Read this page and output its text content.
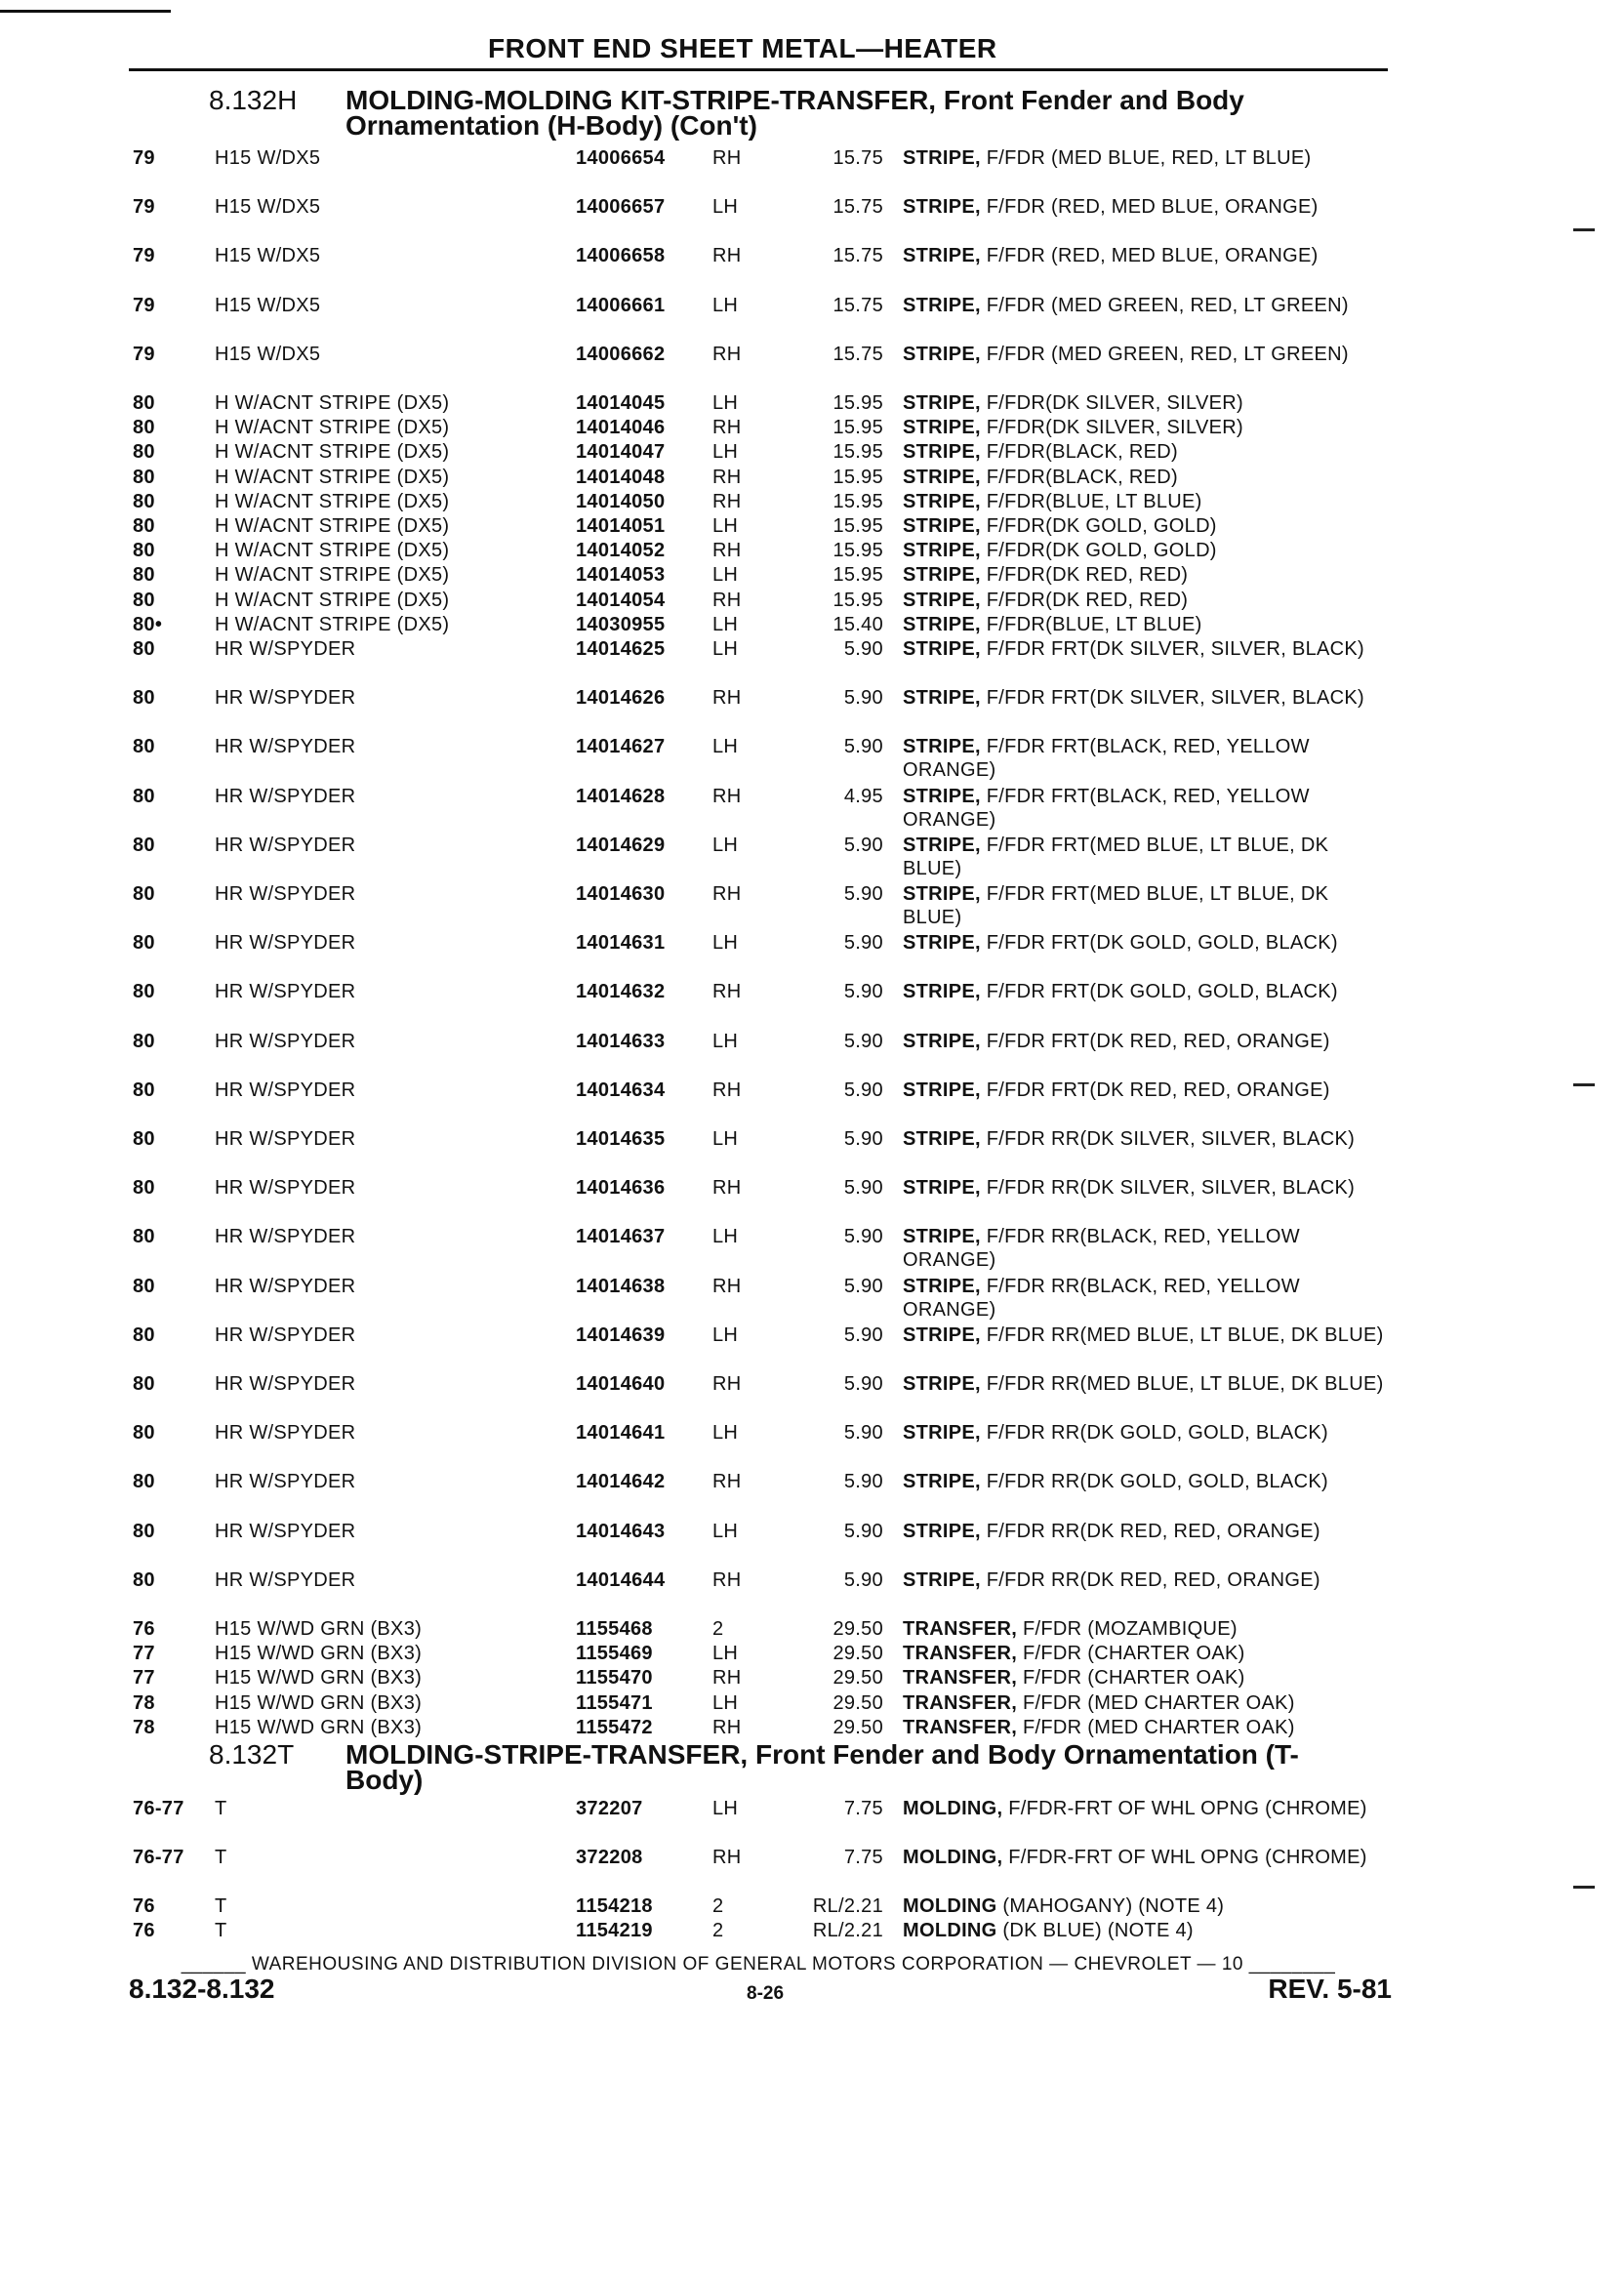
FRONT END SHEET METAL—HEATER
8.132H MOLDING-MOLDING KIT-STRIPE-TRANSFER, Front Fender and Body
Ornamentation (H-Body) (Con't)
79	H15 W/DX5	14006654 RH	15.75 STRIPE, F/FDR (MED BLUE, RED, LT BLUE)
79	H15 W/DX5	14006657 LH	15.75 STRIPE, F/FDR (RED, MED BLUE, ORANGE)
79	H15 W/DX5	14006658 RH	15.75 STRIPE, F/FDR (RED, MED BLUE, ORANGE)
79	H15 W/DX5	14006661 LH	15.75 STRIPE, F/FDR (MED GREEN, RED, LT GREEN)
79	H15 W/DX5	14006662 RH	15.75 STRIPE, F/FDR (MED GREEN, RED, LT GREEN)
80	H W/ACNT STRIPE (DX5)	14014045 LH	15.95 STRIPE, F/FDR(DK SILVER, SILVER)
80	H W/ACNT STRIPE (DX5)	14014046 RH	15.95 STRIPE, F/FDR(DK SILVER, SILVER)
80	H W/ACNT STRIPE (DX5)	14014047 LH	15.95 STRIPE, F/FDR(BLACK, RED)
80	H W/ACNT STRIPE (DX5)	14014048 RH	15.95 STRIPE, F/FDR(BLACK, RED)
80	H W/ACNT STRIPE (DX5)	14014050 RH	15.95 STRIPE, F/FDR(BLUE, LT BLUE)
80	H W/ACNT STRIPE (DX5)	14014051 LH	15.95 STRIPE, F/FDR(DK GOLD, GOLD)
80	H W/ACNT STRIPE (DX5)	14014052 RH	15.95 STRIPE, F/FDR(DK GOLD, GOLD)
80	H W/ACNT STRIPE (DX5)	14014053 LH	15.95 STRIPE, F/FDR(DK RED, RED)
80	H W/ACNT STRIPE (DX5)	14014054 RH	15.95 STRIPE, F/FDR(DK RED, RED)
80•	H W/ACNT STRIPE (DX5)	14030955 LH	15.40 STRIPE, F/FDR(BLUE, LT BLUE)
80	HR W/SPYDER	14014625 LH	5.90 STRIPE, F/FDR FRT(DK SILVER, SILVER, BLACK)
80	HR W/SPYDER	14014626 RH	5.90 STRIPE, F/FDR FRT(DK SILVER, SILVER, BLACK)
80	HR W/SPYDER	14014627 LH	5.90 STRIPE, F/FDR FRT(BLACK, RED, YELLOW ORANGE)
80	HR W/SPYDER	14014628 RH	4.95 STRIPE, F/FDR FRT(BLACK, RED, YELLOW ORANGE)
80	HR W/SPYDER	14014629 LH	5.90 STRIPE, F/FDR FRT(MED BLUE, LT BLUE, DK BLUE)
80	HR W/SPYDER	14014630 RH	5.90 STRIPE, F/FDR FRT(MED BLUE, LT BLUE, DK BLUE)
80	HR W/SPYDER	14014631 LH	5.90 STRIPE, F/FDR FRT(DK GOLD, GOLD, BLACK)
80	HR W/SPYDER	14014632 RH	5.90 STRIPE, F/FDR FRT(DK GOLD, GOLD, BLACK)
80	HR W/SPYDER	14014633 LH	5.90 STRIPE, F/FDR FRT(DK RED, RED, ORANGE)
80	HR W/SPYDER	14014634 RH	5.90 STRIPE, F/FDR FRT(DK RED, RED, ORANGE)
80	HR W/SPYDER	14014635 LH	5.90 STRIPE, F/FDR RR(DK SILVER, SILVER, BLACK)
80	HR W/SPYDER	14014636 RH	5.90 STRIPE, F/FDR RR(DK SILVER, SILVER, BLACK)
80	HR W/SPYDER	14014637 LH	5.90 STRIPE, F/FDR RR(BLACK, RED, YELLOW ORANGE)
80	HR W/SPYDER	14014638 RH	5.90 STRIPE, F/FDR RR(BLACK, RED, YELLOW ORANGE)
80	HR W/SPYDER	14014639 LH	5.90 STRIPE, F/FDR RR(MED BLUE, LT BLUE, DK BLUE)
80	HR W/SPYDER	14014640 RH	5.90 STRIPE, F/FDR RR(MED BLUE, LT BLUE, DK BLUE)
80	HR W/SPYDER	14014641 LH	5.90 STRIPE, F/FDR RR(DK GOLD, GOLD, BLACK)
80	HR W/SPYDER	14014642 RH	5.90 STRIPE, F/FDR RR(DK GOLD, GOLD, BLACK)
80	HR W/SPYDER	14014643 LH	5.90 STRIPE, F/FDR RR(DK RED, RED, ORANGE)
80	HR W/SPYDER	14014644 RH	5.90 STRIPE, F/FDR RR(DK RED, RED, ORANGE)
76	H15 W/WD GRN (BX3)	1155468	2	29.50 TRANSFER, F/FDR (MOZAMBIQUE)
77	H15 W/WD GRN (BX3)	1155469	LH	29.50 TRANSFER, F/FDR (CHARTER OAK)
77	H15 W/WD GRN (BX3)	1155470	RH	29.50 TRANSFER, F/FDR (CHARTER OAK)
78	H15 W/WD GRN (BX3)	1155471	LH	29.50 TRANSFER, F/FDR (MED CHARTER OAK)
78	H15 W/WD GRN (BX3)	1155472	RH	29.50 TRANSFER, F/FDR (MED CHARTER OAK)
8.132T MOLDING-STRIPE-TRANSFER, Front Fender and Body Ornamentation (T-
Body)
76-77 T	372207	LH	7.75 MOLDING, F/FDR-FRT OF WHL OPNG (CHROME)
76-77 T	372208	RH	7.75 MOLDING, F/FDR-FRT OF WHL OPNG (CHROME)
76	T	1154218	2	RL/2.21 MOLDING (MAHOGANY) (NOTE 4)
76	T	1154219	2	RL/2.21 MOLDING (DK BLUE) (NOTE 4)
______ WAREHOUSING AND DISTRIBUTION DIVISION OF GENERAL MOTORS CORPORATION — CHEVROLET — 10 ________
8.132-8.132	8-26	REV. 5-81
